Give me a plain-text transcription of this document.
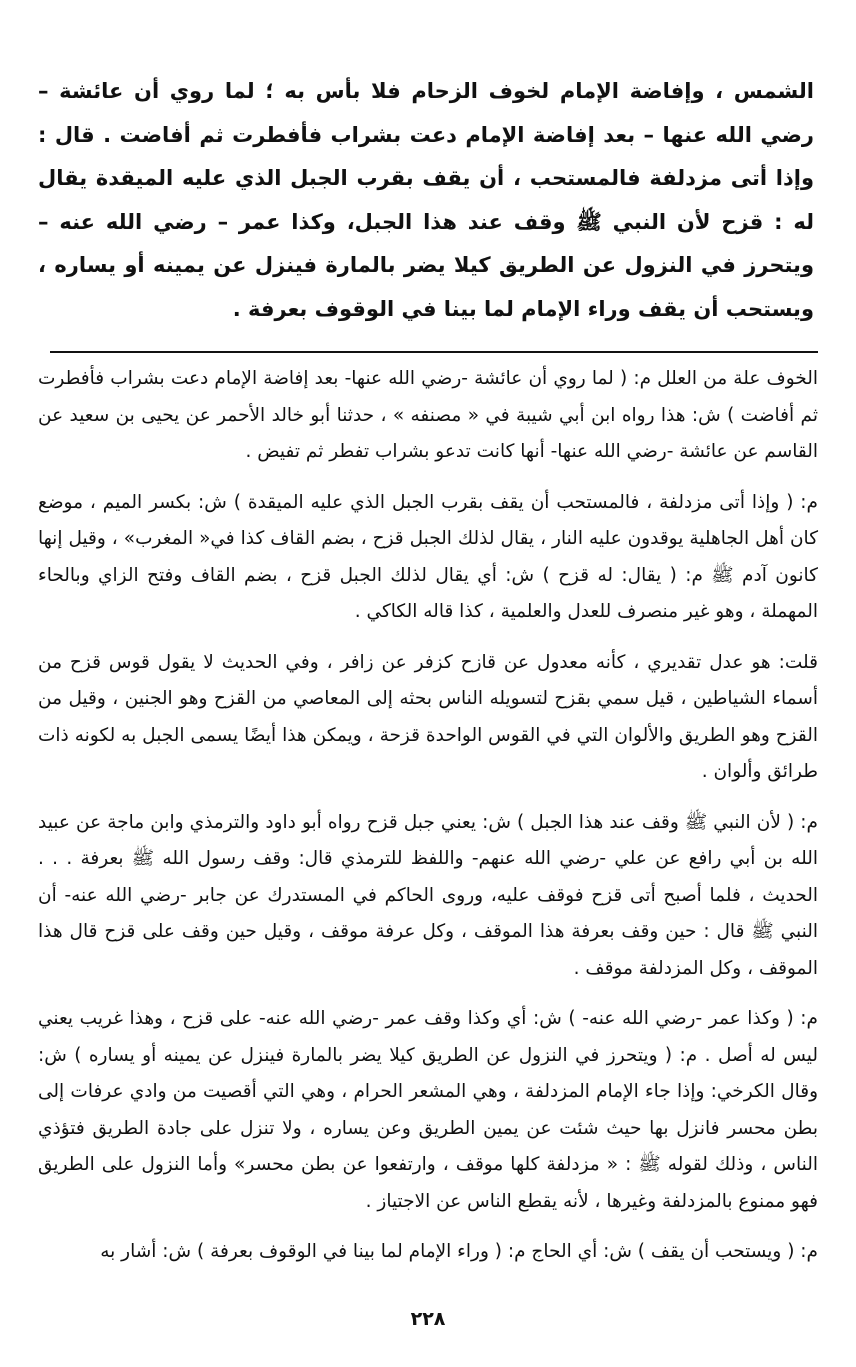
الشمس ، وإفاضة الإمام لخوف الزحام فلا بأس به ؛ لما روي أن عائشة – رضي الله عنها – بعد إفاضة الإمام دعت بشراب فأفطرت ثم أفاضت . قال : وإذا أتى مزدلفة فالمستحب ، أن يقف بقرب الجبل الذي عليه الميقدة يقال له : قزح لأن النبي ﷺ وقف عند هذا الجبل، وكذا عمر – رضي الله عنه – ويتحرز في النزول عن الطريق كيلا يضر بالمارة فينزل عن يمينه أو يساره ، ويستحب أن يقف وراء الإمام لما بينا في الوقوف بعرفة .

الخوف علة من العلل م: ( لما روي أن عائشة -رضي الله عنها- بعد إفاضة الإمام دعت بشراب فأفطرت ثم أفاضت ) ش: هذا رواه ابن أبي شيبة في « مصنفه » ، حدثنا أبو خالد الأحمر عن يحيى بن سعيد عن القاسم عن عائشة -رضي الله عنها- أنها كانت تدعو بشراب تفطر ثم تفيض .

م: ( وإذا أتى مزدلفة ، فالمستحب أن يقف بقرب الجبل الذي عليه الميقدة ) ش: بكسر الميم ، موضع كان أهل الجاهلية يوقدون عليه النار ، يقال لذلك الجبل قزح ، بضم القاف كذا في« المغرب» ، وقيل إنها كانون آدم ﷺ م: ( يقال: له قزح ) ش: أي يقال لذلك الجبل قزح ، بضم القاف وفتح الزاي وبالحاء المهملة ، وهو غير منصرف للعدل والعلمية ، كذا قاله الكاكي .

قلت: هو عدل تقديري ، كأنه معدول عن قازح كزفر عن زافر ، وفي الحديث لا يقول قوس قزح من أسماء الشياطين ، قيل سمي بقزح لتسويله الناس بحثه إلى المعاصي من القزح وهو الجنين ، وقيل من القزح وهو الطريق والألوان التي في القوس الواحدة قزحة ، ويمكن هذا أيضًا يسمى الجبل به لكونه ذات طرائق وألوان .

م: ( لأن النبي ﷺ وقف عند هذا الجبل ) ش: يعني جبل قزح رواه أبو داود والترمذي وابن ماجة عن عبيد الله بن أبي رافع عن علي -رضي الله عنهم- واللفظ للترمذي قال: وقف رسول الله ﷺ بعرفة . . . الحديث ، فلما أصبح أتى قزح فوقف عليه، وروى الحاكم في المستدرك عن جابر -رضي الله عنه- أن النبي ﷺ قال : حين وقف بعرفة هذا الموقف ، وكل عرفة موقف ، وقيل حين وقف على قزح قال هذا الموقف ، وكل المزدلفة موقف .

م: ( وكذا عمر -رضي الله عنه- ) ش: أي وكذا وقف عمر -رضي الله عنه- على قزح ، وهذا غريب يعني ليس له أصل . م: ( ويتحرز في النزول عن الطريق كيلا يضر بالمارة فينزل عن يمينه أو يساره ) ش: وقال الكرخي: وإذا جاء الإمام المزدلفة ، وهي المشعر الحرام ، وهي التي أقصيت من وادي عرفات إلى بطن محسر فانزل بها حيث شئت عن يمين الطريق وعن يساره ، ولا تنزل على جادة الطريق فتؤذي الناس ، وذلك لقوله ﷺ : « مزدلفة كلها موقف ، وارتفعوا عن بطن محسر» وأما النزول على الطريق فهو ممنوع بالمزدلفة وغيرها ، لأنه يقطع الناس عن الاجتياز .

م: ( ويستحب أن يقف ) ش: أي الحاج م: ( وراء الإمام لما بينا في الوقوف بعرفة ) ش: أشار به

٢٢٨
